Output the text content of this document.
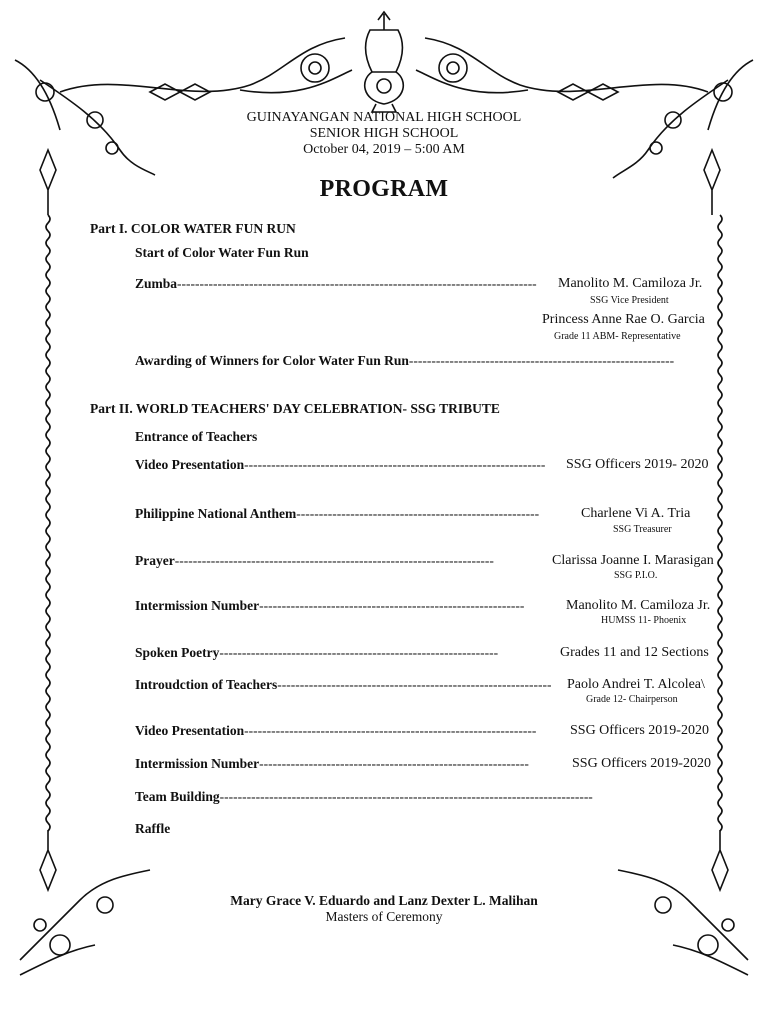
GUINAYANGAN NATIONAL HIGH SCHOOL
SENIOR HIGH SCHOOL
October 04, 2019 – 5:00 AM
PROGRAM
Part I. COLOR WATER FUN RUN
Start of Color Water Fun Run
Zumba-------------------------------------------------------------------------------- Manolito M. Camiloza Jr.
SSG Vice President
Princess Anne Rae O. Garcia
Grade 11 ABM- Representative
Awarding of Winners for Color Water Fun Run-----------------------------------------------------------
Part II. WORLD TEACHERS' DAY CELEBRATION- SSG TRIBUTE
Entrance of Teachers
Video Presentation------------------------------------------------------------------- SSG Officers 2019- 2020
Philippine National Anthem------------------------------------------------------	Charlene Vi A. Tria
SSG Treasurer
Prayer-----------------------------------------------------------------------	Clarissa Joanne I. Marasigan
SSG P.I.O.
Intermission Number-----------------------------------------------------------	Manolito M. Camiloza Jr.
HUMSS 11- Phoenix
Spoken Poetry--------------------------------------------------------------	Grades 11 and 12 Sections
Introudction of Teachers------------------------------------------------------------- Paolo Andrei T. Alcolea\
Grade 12- Chairperson
Video Presentation----------------------------------------------------------------- SSG Officers 2019-2020
Intermission Number------------------------------------------------------------	SSG Officers 2019-2020
Team Building-----------------------------------------------------------------------------------
Raffle
Mary Grace V. Eduardo and Lanz Dexter L. Malihan
Masters of Ceremony
